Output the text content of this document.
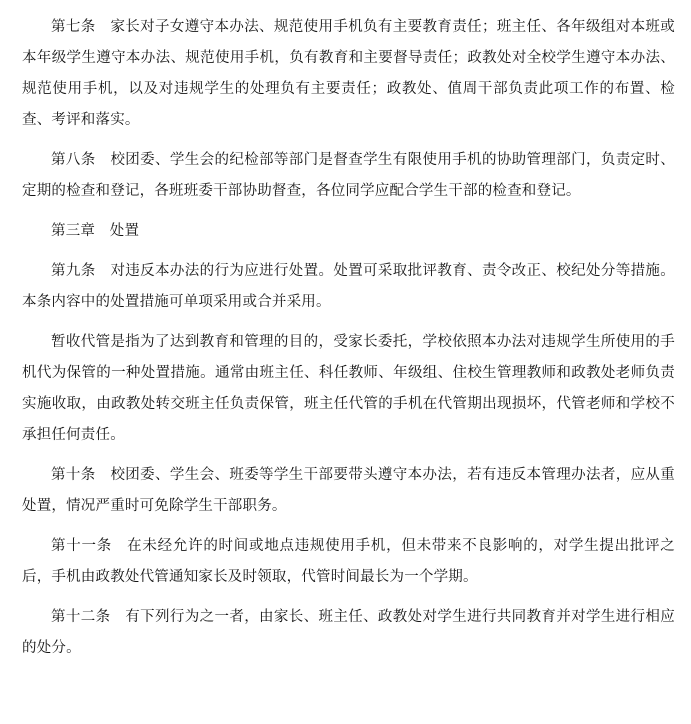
第七条　家长对子女遵守本办法、规范使用手机负有主要教育责任；班主任、各年级组对本班或本年级学生遵守本办法、规范使用手机，负有教育和主要督导责任；政教处对全校学生遵守本办法、规范使用手机，以及对违规学生的处理负有主要责任；政教处、值周干部负责此项工作的布置、检查、考评和落实。

第八条　校团委、学生会的纪检部等部门是督查学生有限使用手机的协助管理部门，负责定时、定期的检查和登记，各班班委干部协助督查，各位同学应配合学生干部的检查和登记。

第三章　处置

第九条　对违反本办法的行为应进行处置。处置可采取批评教育、责令改正、校纪处分等措施。本条内容中的处置措施可单项采用或合并采用。

暂收代管是指为了达到教育和管理的目的，受家长委托，学校依照本办法对违规学生所使用的手机代为保管的一种处置措施。通常由班主任、科任教师、年级组、住校生管理教师和政教处老师负责实施收取，由政教处转交班主任负责保管，班主任代管的手机在代管期出现损坏，代管老师和学校不承担任何责任。

第十条　校团委、学生会、班委等学生干部要带头遵守本办法，若有违反本管理办法者，应从重处置，情况严重时可免除学生干部职务。

第十一条　在未经允许的时间或地点违规使用手机，但未带来不良影响的，对学生提出批评之后，手机由政教处代管通知家长及时领取，代管时间最长为一个学期。

第十二条　有下列行为之一者，由家长、班主任、政教处对学生进行共同教育并对学生进行相应的处分。
